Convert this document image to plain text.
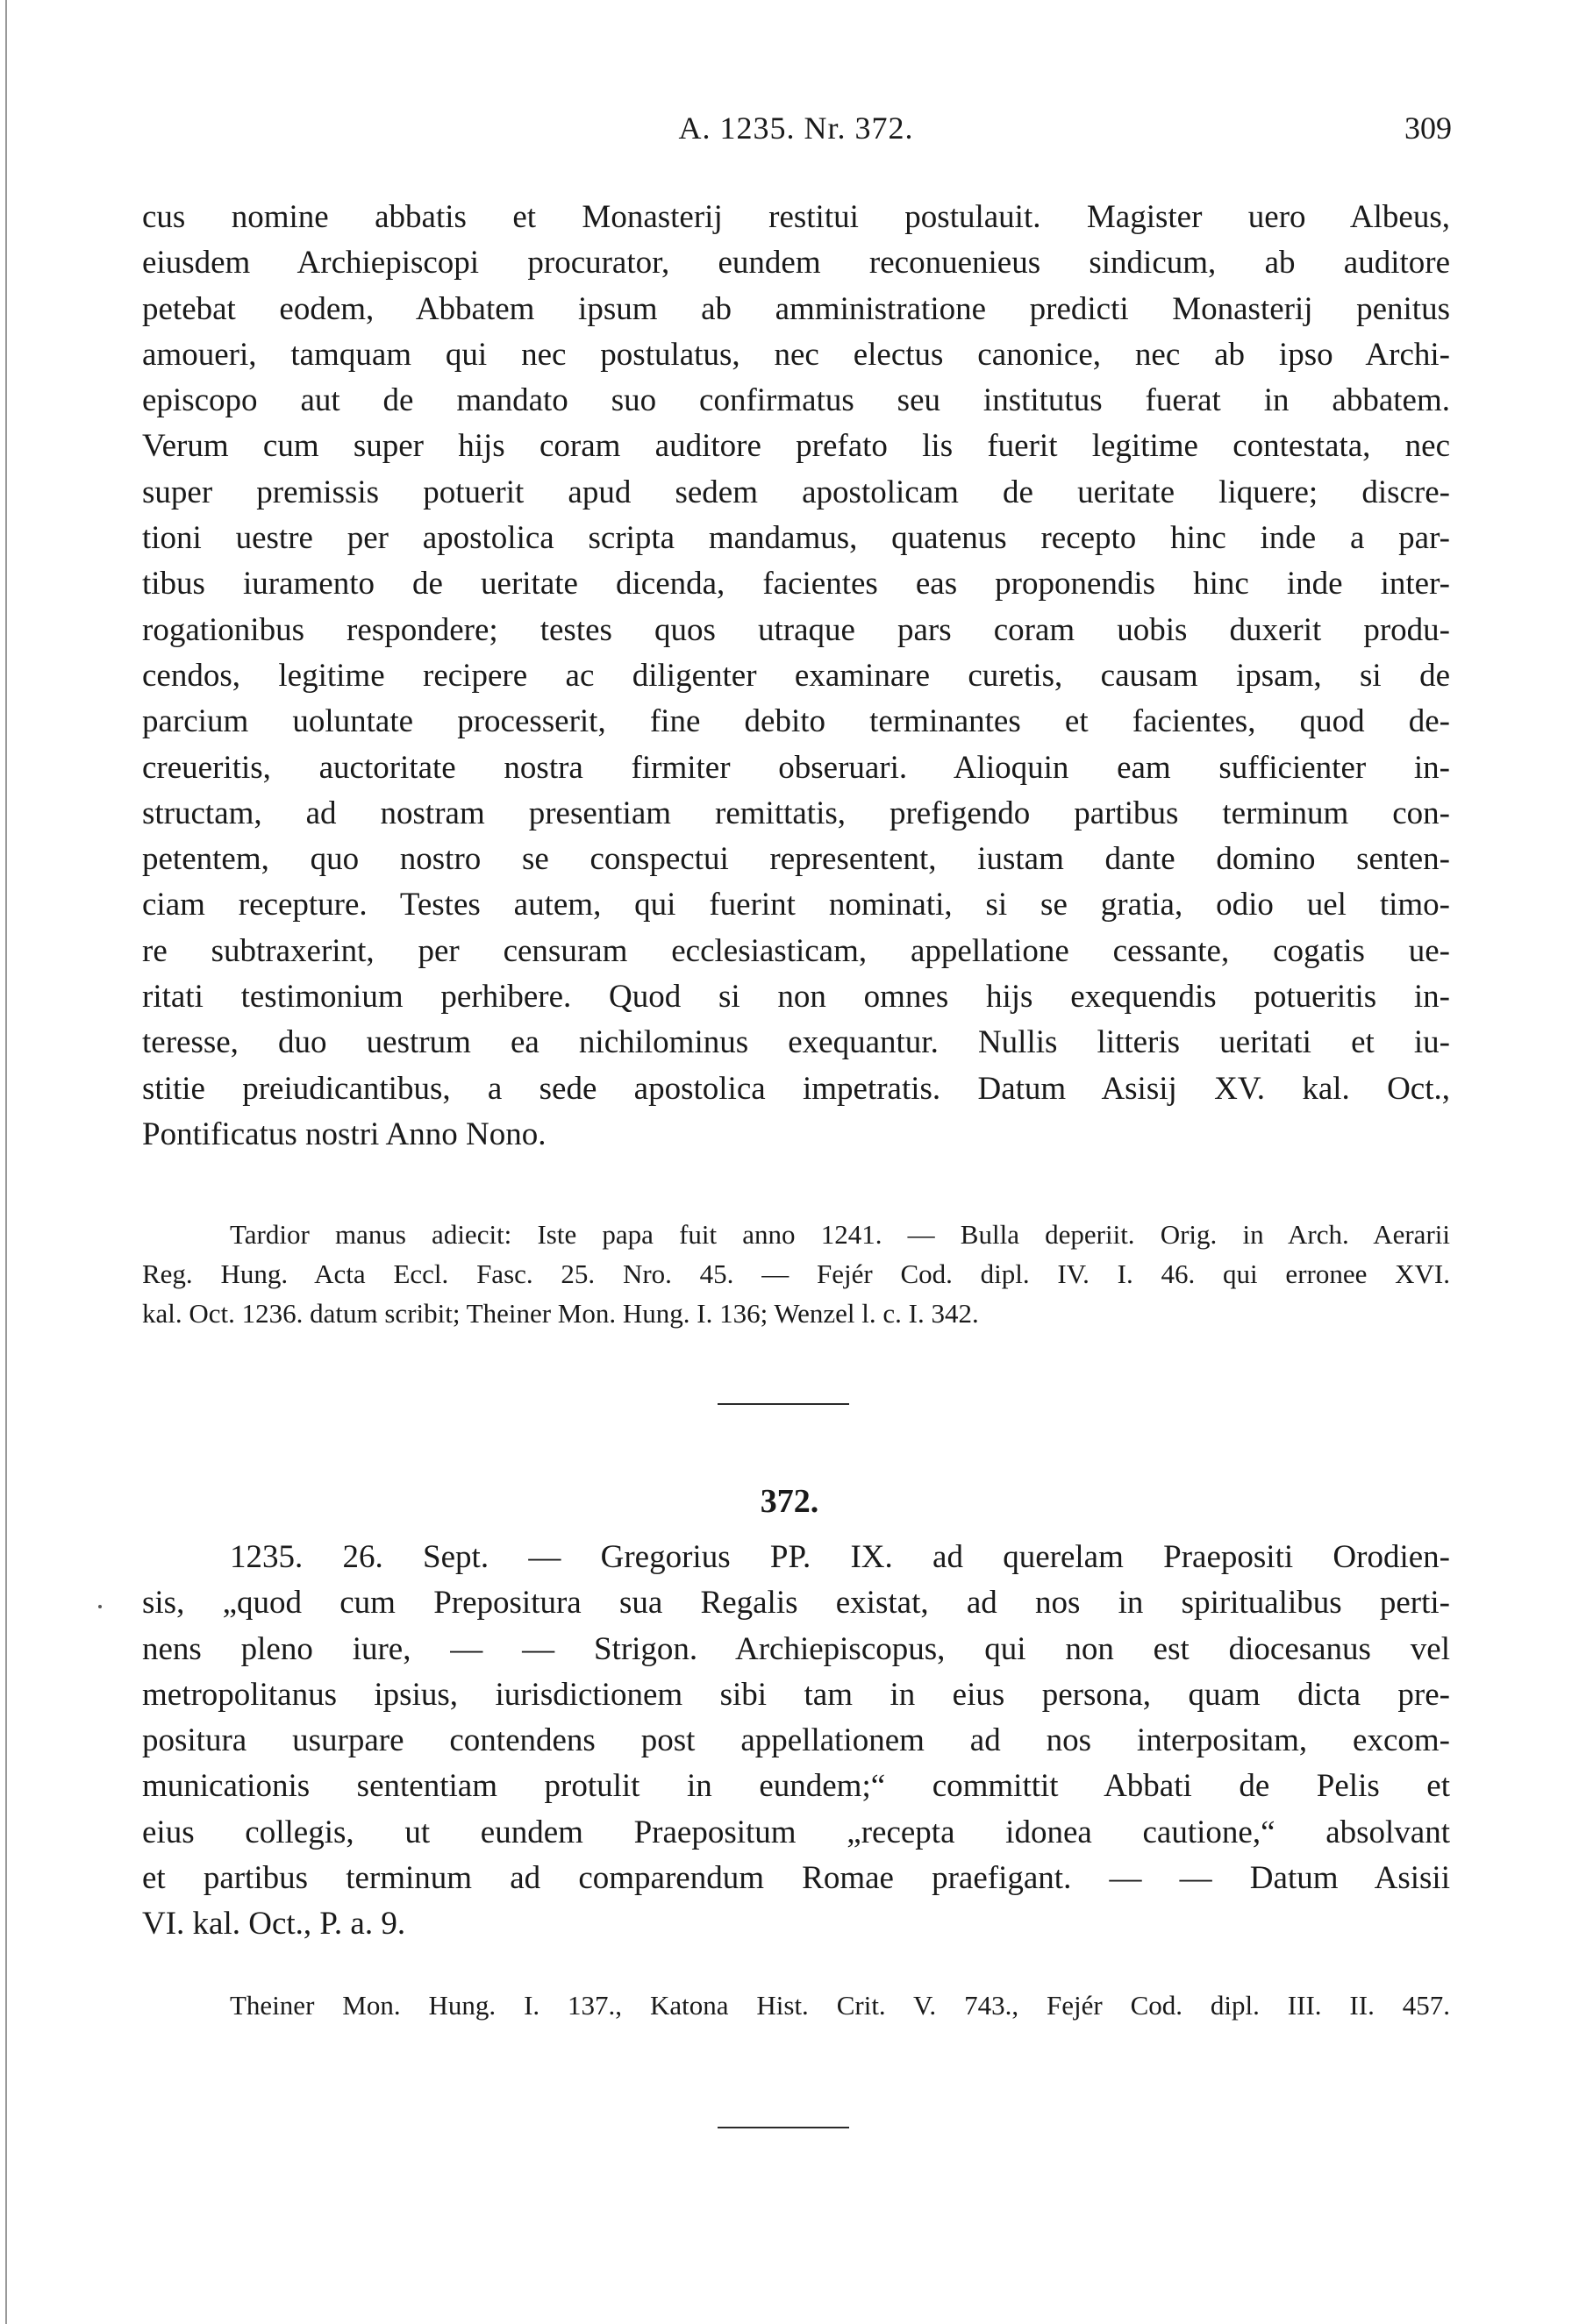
A. 1235. Nr. 372.	309
cus nomine abbatis et Monasterij restitui postulauit. Magister uero Albeus,
eiusdem Archiepiscopi procurator, eundem reconuenieus sindicum, ab auditore
petebat eodem, Abbatem ipsum ab amministratione predicti Monasterij penitus
amoueri, tamquam qui nec postulatus, nec electus canonice, nec ab ipso Archi-
episcopo aut de mandato suo confirmatus seu institutus fuerat in abbatem.
Verum cum super hijs coram auditore prefato lis fuerit legitime contestata, nec
super premissis potuerit apud sedem apostolicam de ueritate liquere; discre-
tioni uestre per apostolica scripta mandamus, quatenus recepto hinc inde a par-
tibus iuramento de ueritate dicenda, facientes eas proponendis hinc inde inter-
rogationibus respondere; testes quos utraque pars coram uobis duxerit produ-
cendos, legitime recipere ac diligenter examinare curetis, causam ipsam, si de
parcium uoluntate processerit, fine debito terminantes et facientes, quod de-
creueritis, auctoritate nostra firmiter obseruari. Alioquin eam sufficienter in-
structam, ad nostram presentiam remittatis, prefigendo partibus terminum con-
petentem, quo nostro se conspectui representent, iustam dante domino senten-
ciam recepture. Testes autem, qui fuerint nominati, si se gratia, odio uel timo-
re subtraxerint, per censuram ecclesiasticam, appellatione cessante, cogatis ue-
ritati testimonium perhibere. Quod si non omnes hijs exequendis potueritis in-
teresse, duo uestrum ea nichilominus exequantur. Nullis litteris ueritati et iu-
stitie preiudicantibus, a sede apostolica impetratis. Datum Asisij XV. kal. Oct.,
Pontificatus nostri Anno Nono.
Tardior manus adiecit: Iste papa fuit anno 1241. — Bulla deperiit. Orig. in Arch. Aerarii
Reg. Hung. Acta Eccl. Fasc. 25. Nro. 45. — Fejér Cod. dipl. IV. I. 46. qui erronee XVI.
kal. Oct. 1236. datum scribit; Theiner Mon. Hung. I. 136; Wenzel l. c. I. 342.
372.
1235. 26. Sept. — Gregorius PP. IX. ad querelam Praepositi Orodien-
sis, „quod cum Prepositura sua Regalis existat, ad nos in spiritualibus perti-
nens pleno iure, — — Strigon. Archiepiscopus, qui non est diocesanus vel
metropolitanus ipsius, iurisdictionem sibi tam in eius persona, quam dicta pre-
positura usurpare contendens post appellationem ad nos interpositam, excom-
municationis sententiam protulit in eundem;“ committit Abbati de Pelis et
eius collegis, ut eundem Praepositum „recepta idonea cautione,“ absolvant
et partibus terminum ad comparendum Romae praefigant. — — Datum Asisii
VI. kal. Oct., P. a. 9.
Theiner Mon. Hung. I. 137., Katona Hist. Crit. V. 743., Fejér Cod. dipl. III. II. 457.
